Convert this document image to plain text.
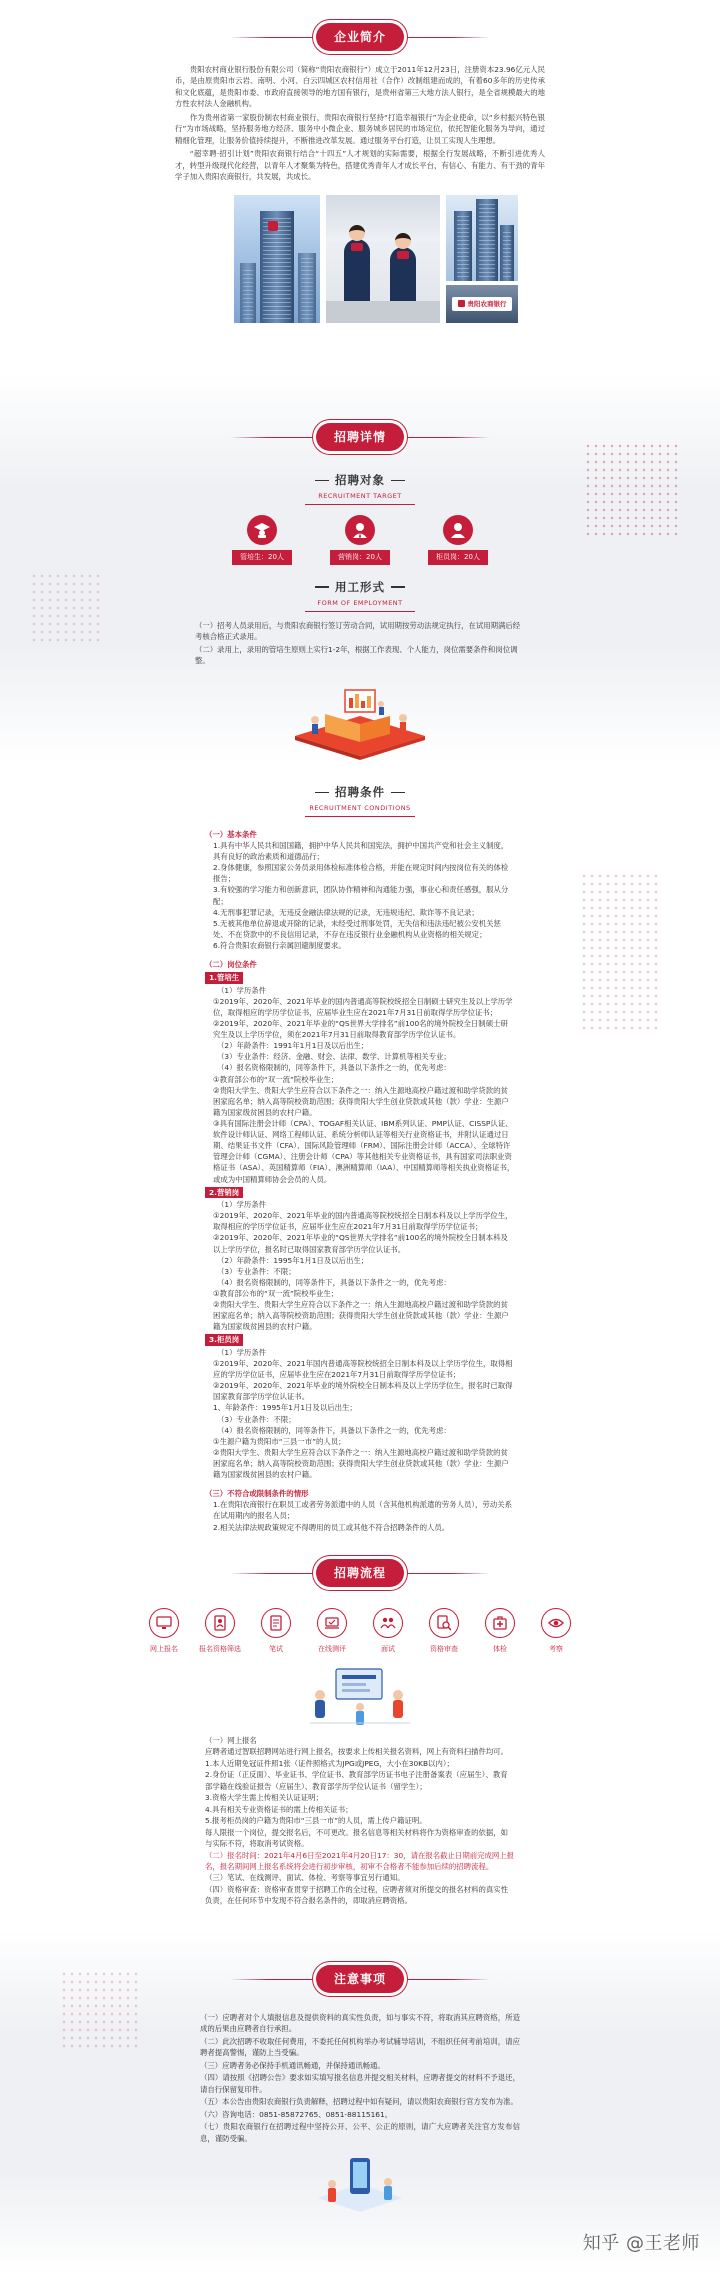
企业简介

贵阳农村商业银行股份有限公司（简称“贵阳农商银行”）成立于2011年12月23日，注册资本23.96亿元人民币，是由原贵阳市云岩、南明、小河、白云四城区农村信用社（合作）改制组建而成的，有着60多年的历史传承和文化底蕴，是贵阳市委、市政府直接领导的地方国有银行，是贵州省第三大地方法人银行，是全省规模最大的地方性农村法人金融机构。

作为贵州省第一家股份制农村商业银行，贵阳农商银行坚持“打造幸福银行”为企业使命，以“乡村振兴特色银行”为市场战略，坚持服务地方经济、服务中小微企业、服务城乡居民的市场定位，依托智能化服务为导向，通过精细化管理，让服务价值持续提升，不断推进改革发展。通过服务平台打造，让员工实现人生理想。

“超幸聘·招引计划”贵阳农商银行结合“十四五”人才规划的实际需要，根据全行发展战略，不断引进优秀人才，转型升级现代化经营，以青年人才聚集为特色，搭建优秀青年人才成长平台，有信心、有能力、有干劲的青年学子加入贵阳农商银行，共发展，共成长。

贵阳农商银行
招聘详情
招聘对象
RECRUITMENT TARGET
管培生：20人	营销岗：20人	柜员岗：20人
用工形式
FORM OF EMPLOYMENT

（一）招考人员录用后，与贵阳农商银行签订劳动合同，试用期按劳动法规定执行，在试用期满后经考核合格正式录用。

（二）录用上，录用的管培生原则上实行1-2年，根据工作表现、个人能力，岗位需要条件和岗位调整。

招聘条件
RECRUITMENT CONDITIONS

（一）基本条件

1.具有中华人民共和国国籍，拥护中华人民共和国宪法，拥护中国共产党和社会主义制度，具有良好的政治素质和道德品行；

2.身体健康，参照国家公务员录用体检标准体检合格，并能在规定时间内按岗位有关的体检报告；

3.有较强的学习能力和创新意识，团队协作精神和沟通能力强，事业心和责任感强，服从分配；

4.无刑事犯罪记录，无违反金融法律法规的记录，无违规违纪、欺诈等不良记录；

5.无被其他单位辞退或开除的记录，未经受过刑事处罚，无失信和违法违纪被公安机关惩处、不在贷款中的不良信用记录，不存在违反银行业金融机构从业资格的相关规定；

6.符合贵阳农商银行亲属回避制度要求。

（二）岗位条件

1.管培生

（1）学历条件

①2019年、2020年、2021年毕业的国内普通高等院校统招全日制硕士研究生及以上学历学位，取得相应的学历学位证书，应届毕业生应在2021年7月31日前取得学历学位证书；

②2019年、2020年、2021年毕业的“QS世界大学排名”前100名的境外院校全日制硕士研究生及以上学历学位，须在2021年7月31日前取得教育部学历学位认证书。

（2）年龄条件：1991年1月1日及以后出生；

（3）专业条件：经济、金融、财会、法律、数学、计算机等相关专业；

（4）报名资格限制的，同等条件下，具备以下条件之一的，优先考虑：

①教育部公布的“双一流”院校毕业生；

②贵阳大学生、贵阳大学生应符合以下条件之一：纳入生源地高校户籍过渡和助学贷款的贫困家庭名单；纳入高等院校资助范围；获得贵阳大学生创业贷款或其他（款）学业：生源户籍为国家级贫困县的农村户籍。

③具有国际注册会计师（CPA）、TOGAF相关认证、IBM系列认证、PMP认证、CISSP认证、软件设计师认证、网络工程师认证、系统分析师认证等相关行业资格证书，并附认证通过日期、结果证书文件（CFA）、国际风险管理师（FRM）、国际注册会计师（ACCA）、全球特许管理会计师（CGMA）、注册会计师（CPA）等其他相关专业资格证书，具有国家司法职业资格证书（ASA）、英国精算师（FIA）、澳洲精算师（IAA）、中国精算师等相关执业资格证书，或成为中国精算师协会会员的人员。

2.营销岗

（1）学历条件

①2019年、2020年、2021年毕业的国内普通高等院校统招全日制本科及以上学历学位生，取得相应的学历学位证书，应届毕业生应在2021年7月31日前取得学历学位证书；

②2019年、2020年、2021年毕业的“QS世界大学排名”前100名的境外院校全日制本科及以上学历学位，报名时已取得国家教育部学历学位认证书。

（2）年龄条件：1995年1月1日及以后出生；

（3）专业条件：不限；

（4）报名资格限制的，同等条件下，具备以下条件之一的，优先考虑：

①教育部公布的“双一流”院校毕业生；

②贵阳大学生、贵阳大学生应符合以下条件之一：纳入生源地高校户籍过渡和助学贷款的贫困家庭名单；纳入高等院校资助范围；获得贵阳大学生创业贷款或其他（款）学业：生源户籍为国家级贫困县的农村户籍。

3.柜员岗

（1）学历条件

①2019年、2020年、2021年国内普通高等院校统招全日制本科及以上学历学位生，取得相应的学历学位证书，应届毕业生应在2021年7月31日前取得学历学位证书；

②2019年、2020年、2021年毕业的境外院校全日制本科及以上学历学位生，报名时已取得国家教育部学历学位认证书。

1、年龄条件：1995年1月1日及以后出生；

（3）专业条件：不限；

（4）报名资格限制的，同等条件下，具备以下条件之一的，优先考虑：

①生源户籍为贵阳市“三县一市”的人员；

②贵阳大学生、贵阳大学生应符合以下条件之一：纳入生源地高校户籍过渡和助学贷款的贫困家庭名单；纳入高等院校资助范围；获得贵阳大学生创业贷款或其他（款）学业：生源户籍为国家级贫困县的农村户籍。

（三）不符合或限制条件的情形

1.在贵阳农商银行在职员工或者劳务派遣中的人员（含其他机构派遣的劳务人员），劳动关系在试用期内的报名人员；

2.相关法律法规政策规定不得聘用的员工或其他不符合招聘条件的人员。

招聘流程
网上报名	报名资格筛选	笔试	在线测评	面试	资格审查	体检	考察

（一）网上报名

应聘者通过智联招聘网站进行网上报名，按要求上传相关报名资料，网上有资料扫描件均可。

1.本人近期免冠证件照1张（证件照格式为JPG或JPEG，大小在30KB以内）；

2.身份证（正反面）、毕业证书、学位证书、教育部学历证书电子注册备案表（应届生）、教育部学籍在线验证报告（应届生）、教育部学历学位认证书（留学生）；

3.资格大学生需上传相关认证证明；

4.具有相关专业资格证书的需上传相关证书；

5.报考柜员岗的户籍为贵阳市“三县一市”的人员，需上传户籍证明。

每人限报一个岗位，提交报名后，不可更改。报名信息等相关材料将作为资格审查的依据，如与实际不符，将取消考试资格。

（二）报名时间：2021年4月6日至2021年4月20日17：30，请在报名截止日期前完成网上报名，报名期间网上报名系统将会进行初步审核，初审不合格者不能参加后续的招聘流程。

（三）笔试、在线测评、面试、体检、考察等事宜另行通知。

（四）资格审查：资格审查贯穿于招聘工作的全过程，应聘者须对所提交的报名材料的真实性负责，在任何环节中发现不符合报名条件的，即取消应聘资格。

注意事项

（一）应聘者对个人填报信息及提供资料的真实性负责，如与事实不符，将取消其应聘资格，所造成的后果由应聘者自行承担。

（二）此次招聘不收取任何费用，不委托任何机构举办考试辅导培训，不组织任何考前培训，请应聘者提高警惕，谨防上当受骗。

（三）应聘者务必保持手机通讯畅通，并保持通讯畅通。

（四）请按照《招聘公告》要求如实填写报名信息并提交相关材料，应聘者提交的材料不予退还，请自行保留复印件。

（五）本公告由贵阳农商银行负责解释，招聘过程中如有疑问，请以贵阳农商银行官方发布为准。

（六）咨询电话：0851-85872765、0851-88115161。

（七）贵阳农商银行在招聘过程中坚持公开、公平、公正的原则，请广大应聘者关注官方发布信息，谨防受骗。

知乎 @王老师
